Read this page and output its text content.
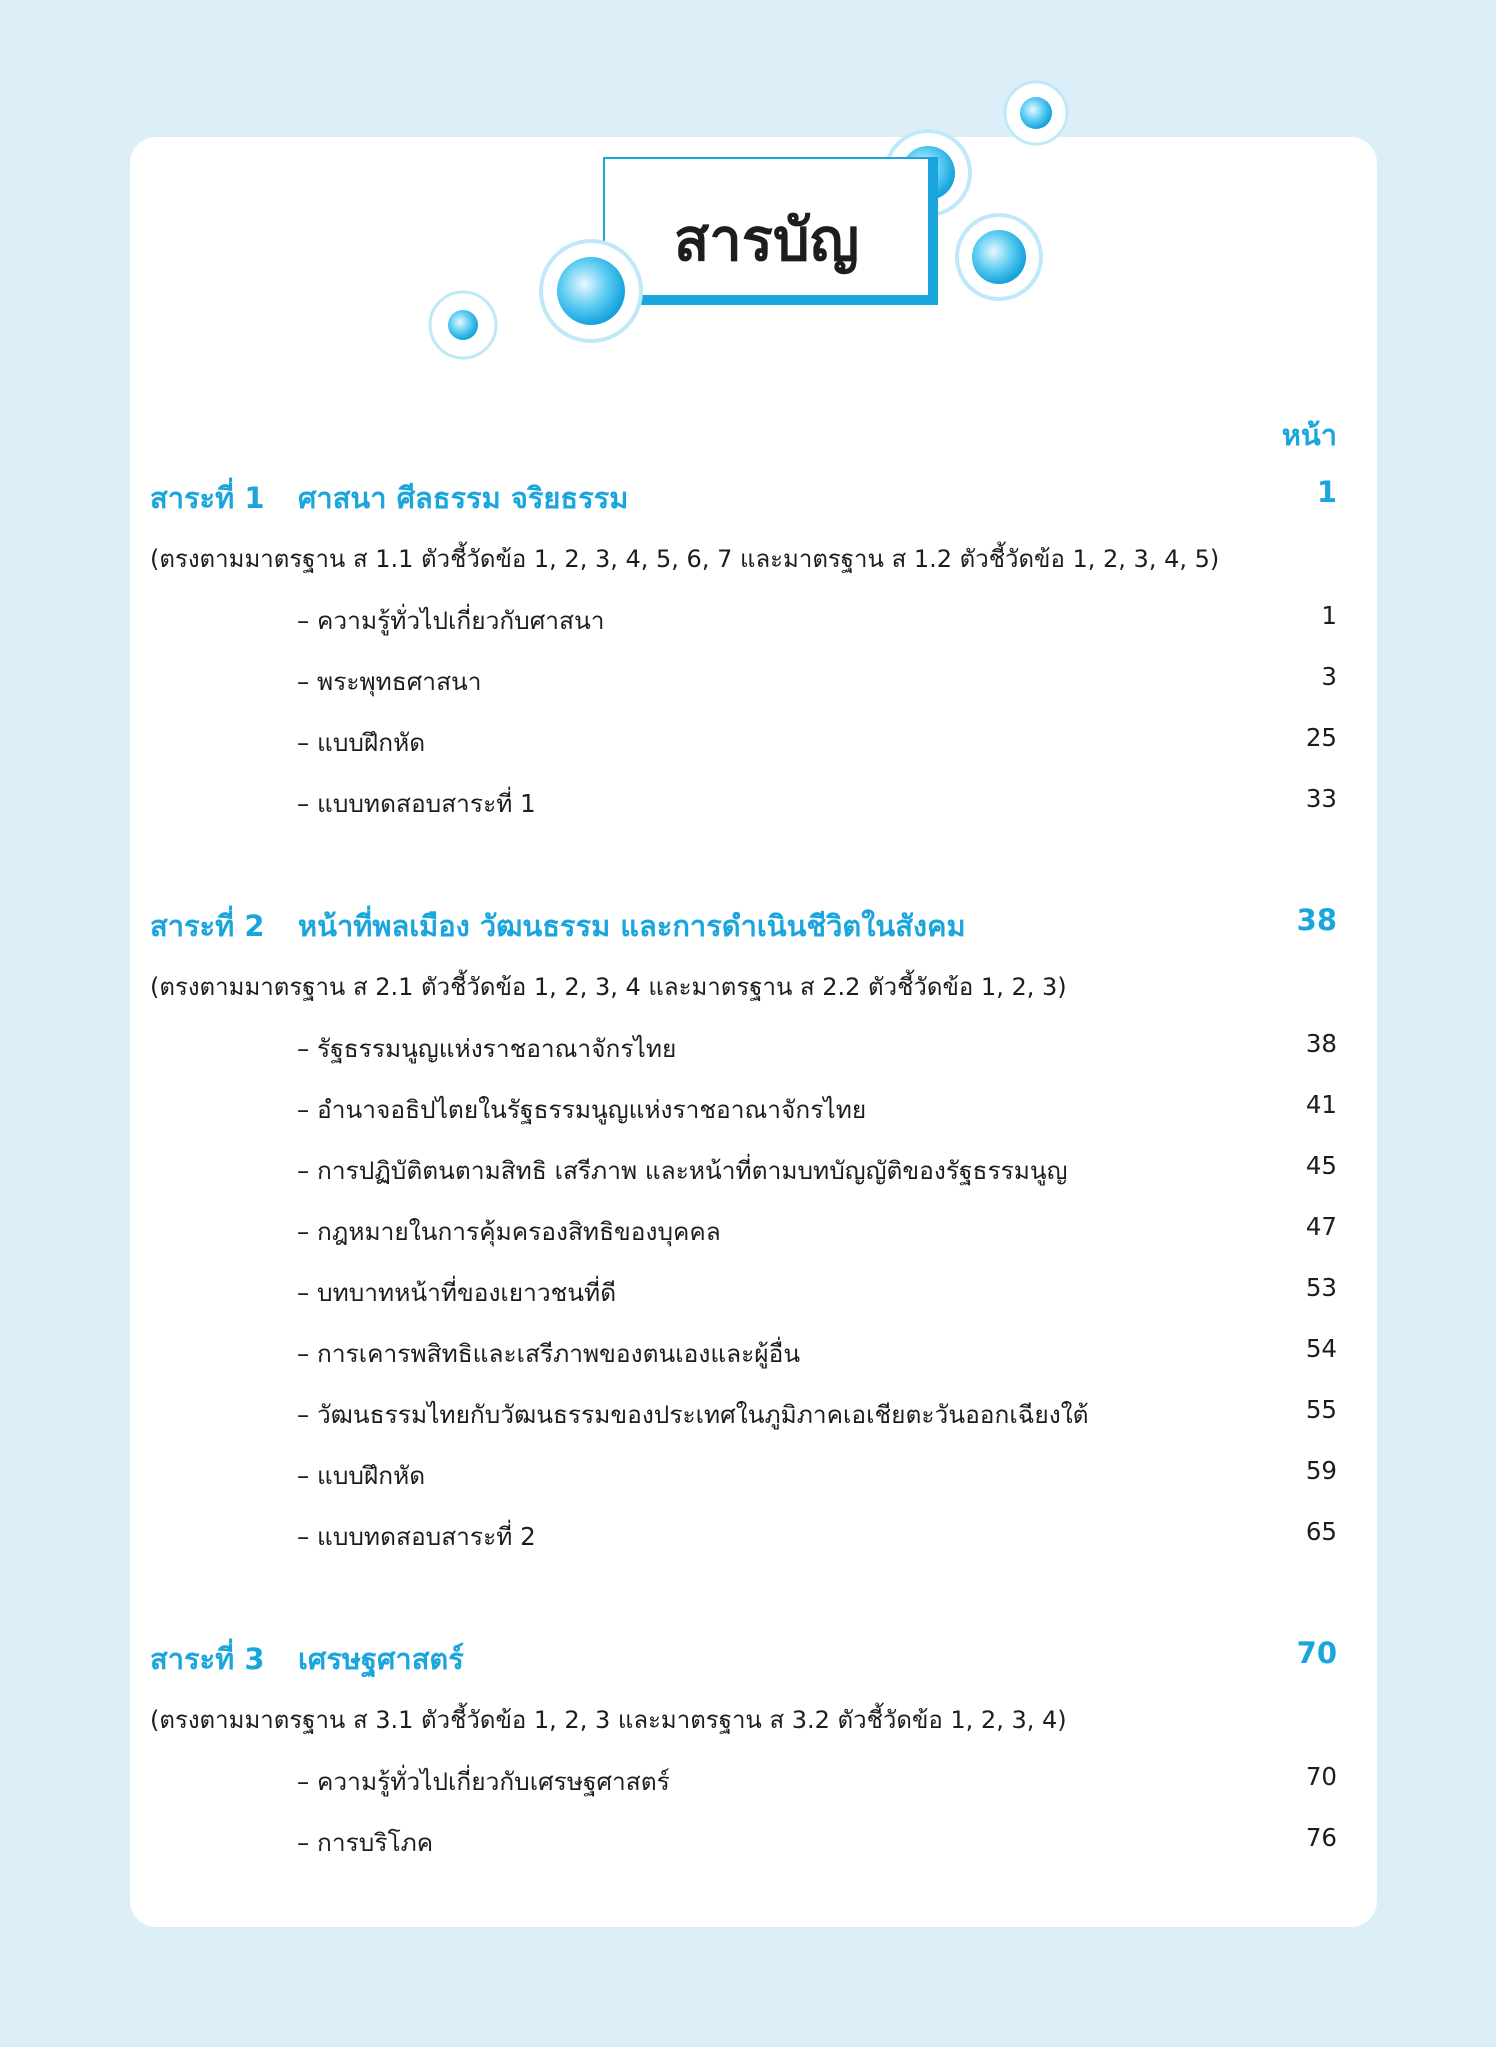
สารบัญ
หน้า
สาระที่ 1 ศาสนา ศีลธรรม จริยธรรม	1
(ตรงตามมาตรฐาน ส 1.1 ตัวชี้วัดข้อ 1, 2, 3, 4, 5, 6, 7 และมาตรฐาน ส 1.2 ตัวชี้วัดข้อ 1, 2, 3, 4, 5)
– ความรู้ทั่วไปเกี่ยวกับศาสนา	1
– พระพุทธศาสนา	3
– แบบฝึกหัด	25
– แบบทดสอบสาระที่ 1	33
สาระที่ 2 หน้าที่พลเมือง วัฒนธรรม และการดำเนินชีวิตในสังคม	38
(ตรงตามมาตรฐาน ส 2.1 ตัวชี้วัดข้อ 1, 2, 3, 4 และมาตรฐาน ส 2.2 ตัวชี้วัดข้อ 1, 2, 3)
– รัฐธรรมนูญแห่งราชอาณาจักรไทย	38
– อำนาจอธิปไตยในรัฐธรรมนูญแห่งราชอาณาจักรไทย	41
– การปฏิบัติตนตามสิทธิ เสรีภาพ และหน้าที่ตามบทบัญญัติของรัฐธรรมนูญ	45
– กฎหมายในการคุ้มครองสิทธิของบุคคล	47
– บทบาทหน้าที่ของเยาวชนที่ดี	53
– การเคารพสิทธิและเสรีภาพของตนเองและผู้อื่น	54
– วัฒนธรรมไทยกับวัฒนธรรมของประเทศในภูมิภาคเอเชียตะวันออกเฉียงใต้	55
– แบบฝึกหัด	59
– แบบทดสอบสาระที่ 2	65
สาระที่ 3 เศรษฐศาสตร์	70
(ตรงตามมาตรฐาน ส 3.1 ตัวชี้วัดข้อ 1, 2, 3 และมาตรฐาน ส 3.2 ตัวชี้วัดข้อ 1, 2, 3, 4)
– ความรู้ทั่วไปเกี่ยวกับเศรษฐศาสตร์	70
– การบริโภค	76
